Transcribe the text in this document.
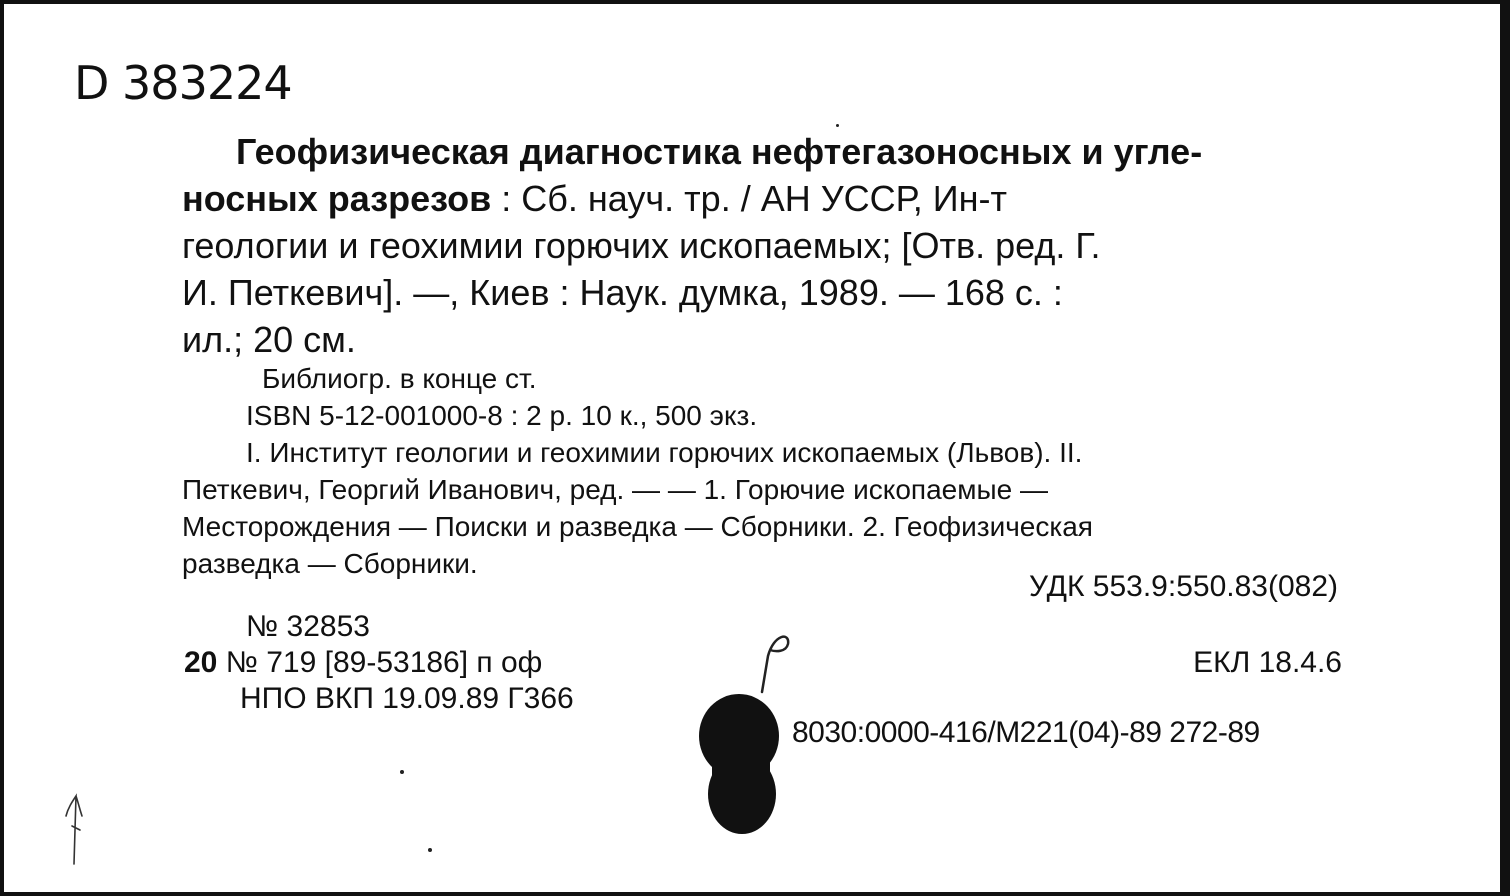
D 383224
Геофизическая диагностика нефтегазоносных и угле-
носных разрезов : Сб. науч. тр. / АН УССР, Ин-т
геологии и геохимии горючих ископаемых; [Отв. ред. Г.
И. Петкевич]. —, Киев : Наук. думка, 1989. — 168 с. :
ил.; 20 см.
Библиогр. в конце ст.
ISBN 5-12-001000-8 : 2 р. 10 к., 500 экз.
I. Институт геологии и геохимии горючих ископаемых (Львов). II.
Петкевич, Георгий Иванович, ред. — — 1. Горючие ископаемые —
Месторождения — Поиски и разведка — Сборники. 2. Геофизическая
разведка — Сборники.
УДК 553.9:550.83(082)
№ 32853
20 № 719 [89-53186] п оф
НПО ВКП 19.09.89 Г366
ЕКЛ 18.4.6
8030:0000-416/М221(04)-89 272-89
